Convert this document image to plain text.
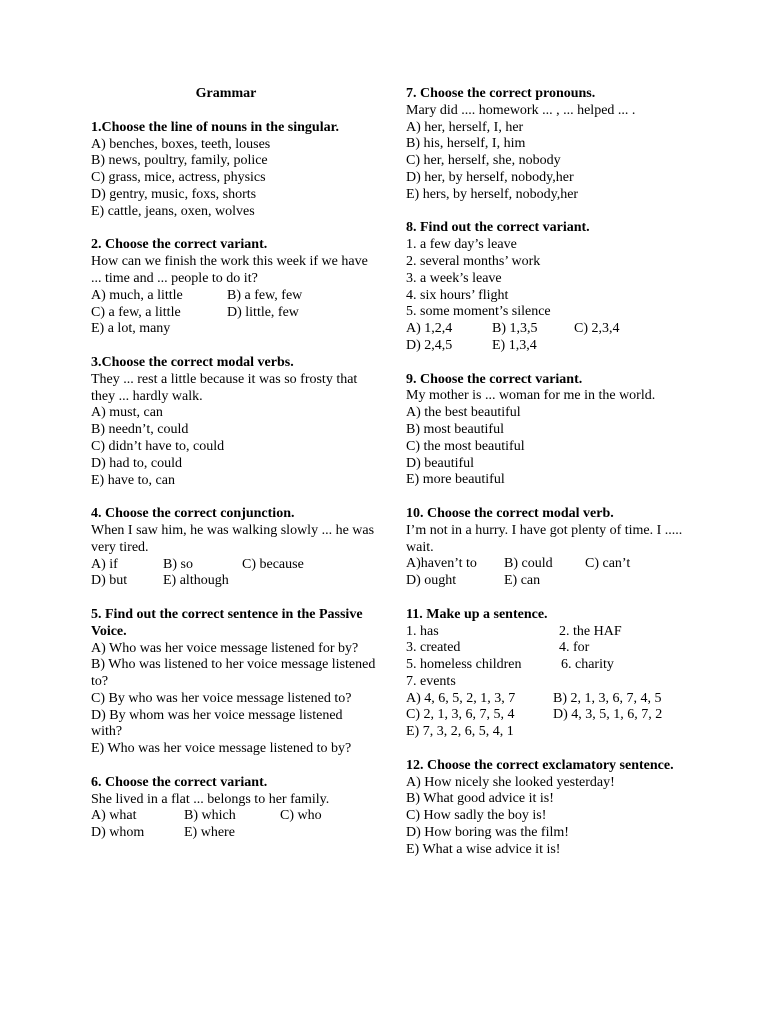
Grammar
1.Choose the line of nouns in the singular.
A) benches, boxes, teeth, louses
B) news, poultry, family, police
C) grass, mice, actress, physics
D) gentry, music, foxs, shorts
E) cattle, jeans, oxen, wolves
2. Choose the correct variant.
How can we finish the work this week if we have ... time and ... people to do it?
A) much, a little	B) a few, few
C) a few, a little	D) little, few
E) a lot, many
3.Choose the correct modal verbs.
They ... rest a little because it was so frosty that they ... hardly walk.
A) must, can
B) needn’t, could
C) didn’t have to, could
D) had to, could
E) have to, can
4. Choose the correct conjunction.
When I saw him, he was walking slowly ... he was very tired.
A) if	B) so	C) because
D) but	E) although
5. Find out the correct sentence in the Passive Voice.
A) Who was her voice message listened for by?
B) Who was listened to her voice message listened to?
C) By who was her voice message listened to?
D) By whom was her voice message listened with?
E) Who was her voice message listened to by?
6. Choose the correct variant.
She lived in a flat ... belongs to her family.
A) what	B) which	C) who
D) whom	E) where
7. Choose the correct pronouns.
Mary did .... homework ... , ... helped ... .
A) her, herself, I, her
B) his, herself, I, him
C) her, herself, she, nobody
D) her, by herself, nobody,her
E) hers, by herself, nobody,her
8. Find out the correct variant.
1. a few day’s leave
2. several months’ work
3. a week’s leave
4. six hours’ flight
5. some moment’s silence
A) 1,2,4	B) 1,3,5	C) 2,3,4
D) 2,4,5	E) 1,3,4
9. Choose the correct variant.
My mother is ... woman for me in the world.
A) the best beautiful
B) most beautiful
C) the most beautiful
D) beautiful
E) more beautiful
10. Choose the correct modal verb.
I’m not in a hurry. I have got plenty of time. I ..... wait.
A)haven’t to	B) could	C) can’t
D) ought	E) can
11. Make up a sentence.
1. has	2. the HAF
3. created	4. for
5. homeless children	6. charity
7. events
A) 4, 6, 5, 2, 1, 3, 7	B) 2, 1, 3, 6, 7, 4, 5
C) 2, 1, 3, 6, 7, 5, 4	D) 4, 3, 5, 1, 6, 7, 2
E) 7, 3, 2, 6, 5, 4, 1
12. Choose the correct exclamatory sentence.
A) How nicely she looked yesterday!
B) What good advice it is!
C) How sadly the boy is!
D) How boring was the film!
E) What a wise advice it is!
